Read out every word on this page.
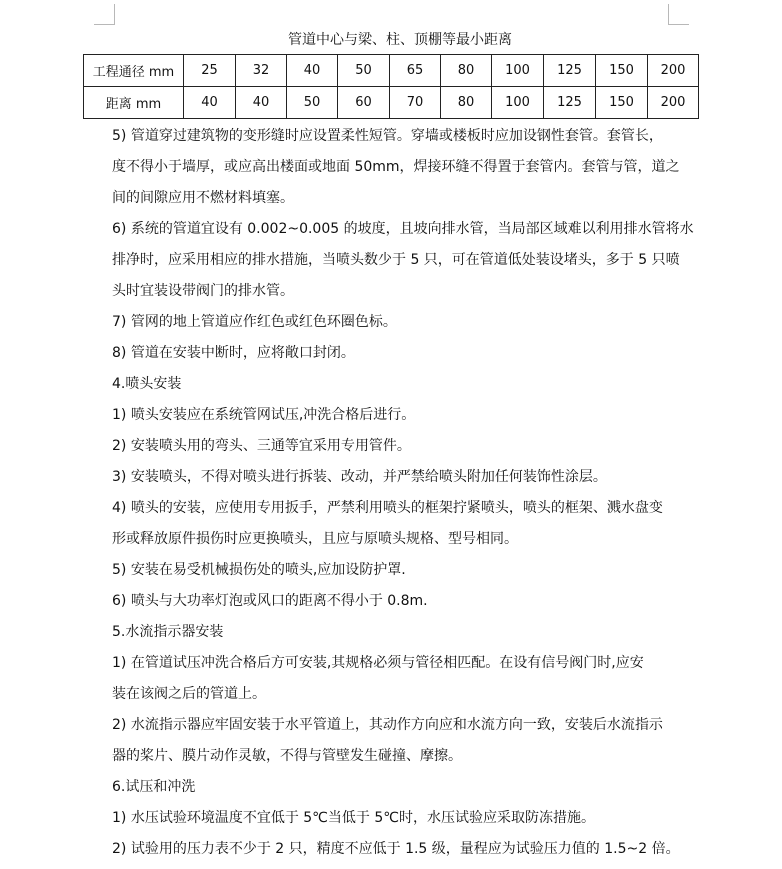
管道中心与梁、柱、顶棚等最小距离
工程通径 mm	25	32	40	50	65	80	100	125	150	200
距离 mm	40	40	50	60	70	80	100	125	150	200

5) 管道穿过建筑物的变形缝时应设置柔性短管。穿墙或楼板时应加设钢性套管。套管长，

度不得小于墙厚，或应高出楼面或地面 50mm，焊接环缝不得置于套管内。套管与管，道之

间的间隙应用不燃材料填塞。

6) 系统的管道宜设有 0.002~0.005 的坡度，且坡向排水管，当局部区域难以利用排水管将水

排净时，应采用相应的排水措施，当喷头数少于 5 只，可在管道低处装设堵头，多于 5 只喷

头时宜装设带阀门的排水管。

7) 管网的地上管道应作红色或红色环圈色标。

8) 管道在安装中断时，应将敞口封闭。

4.喷头安装

1) 喷头安装应在系统管网试压,冲洗合格后进行。

2) 安装喷头用的弯头、三通等宜采用专用管件。

3) 安装喷头，不得对喷头进行拆装、改动，并严禁给喷头附加任何装饰性涂层。

4) 喷头的安装，应使用专用扳手，严禁利用喷头的框架拧紧喷头，喷头的框架、溅水盘变

形或释放原件损伤时应更换喷头，且应与原喷头规格、型号相同。

5) 安装在易受机械损伤处的喷头,应加设防护罩.

6) 喷头与大功率灯泡或风口的距离不得小于 0.8m.

5.水流指示器安装

1) 在管道试压冲洗合格后方可安装,其规格必须与管径相匹配。在设有信号阀门时,应安

装在该阀之后的管道上。

2) 水流指示器应牢固安装于水平管道上，其动作方向应和水流方向一致，安装后水流指示

器的桨片、膜片动作灵敏，不得与管壁发生碰撞、摩擦。

6.试压和冲洗

1) 水压试验环境温度不宜低于 5℃当低于 5℃时，水压试验应采取防冻措施。

2) 试验用的压力表不少于 2 只，精度不应低于 1.5 级，量程应为试验压力值的 1.5~2 倍。
